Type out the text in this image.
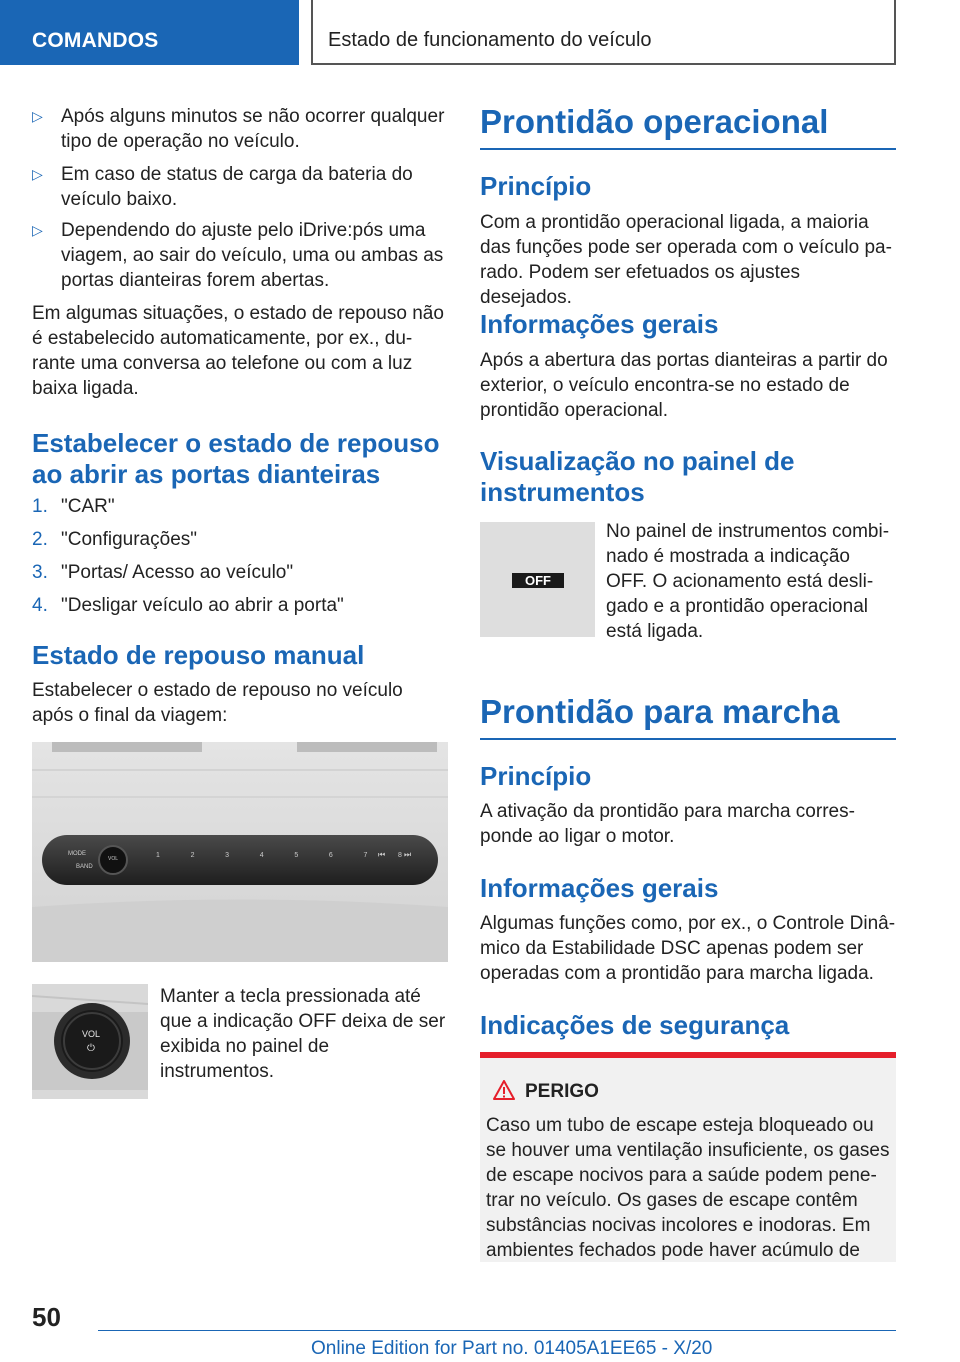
COMANDOS	Estado de funcionamento do veículo
▷ Após alguns minutos se não ocorrer qualquer tipo de operação no veículo.
▷ Em caso de status de carga da bateria do veículo baixo.
▷ Dependendo do ajuste pelo iDrive:pós uma viagem, ao sair do veículo, uma ou ambas as portas dianteiras forem abertas.
Em algumas situações, o estado de repouso não é estabelecido automaticamente, por ex., durante uma conversa ao telefone ou com a luz baixa ligada.
Estabelecer o estado de repouso ao abrir as portas dianteiras
1. "CAR"
2. "Configurações"
3. "Portas/ Acesso ao veículo"
4. "Desligar veículo ao abrir a porta"
Estado de repouso manual
Estabelecer o estado de repouso no veículo após o final da viagem:
MODE
BAND
VOL	1	2	3	4	5	6	7	8
⏮ ⏭
VOL
⏻
Manter a tecla pressionada até que a indicação OFF deixa de ser exibida no painel de instrumentos.
Prontidão operacional
Princípio
Com a prontidão operacional ligada, a maioria das funções pode ser operada com o veículo parado. Podem ser efetuados os ajustes desejados.
Informações gerais
Após a abertura das portas dianteiras a partir do exterior, o veículo encontra-se no estado de prontidão operacional.
Visualização no painel de instrumentos
OFF
No painel de instrumentos combinado é mostrada a indicação OFF. O acionamento está desligado e a prontidão operacional está ligada.
Prontidão para marcha
Princípio
A ativação da prontidão para marcha corresponde ao ligar o motor.
Informações gerais
Algumas funções como, por ex., o Controle Dinâmico da Estabilidade DSC apenas podem ser operadas com a prontidão para marcha ligada.
Indicações de segurança
PERIGO
Caso um tubo de escape esteja bloqueado ou se houver uma ventilação insuficiente, os gases de escape nocivos para a saúde podem penetrar no veículo. Os gases de escape contêm substâncias nocivas incolores e inodoras. Em ambientes fechados pode haver acúmulo de
50
Online Edition for Part no. 01405A1EE65 - X/20
